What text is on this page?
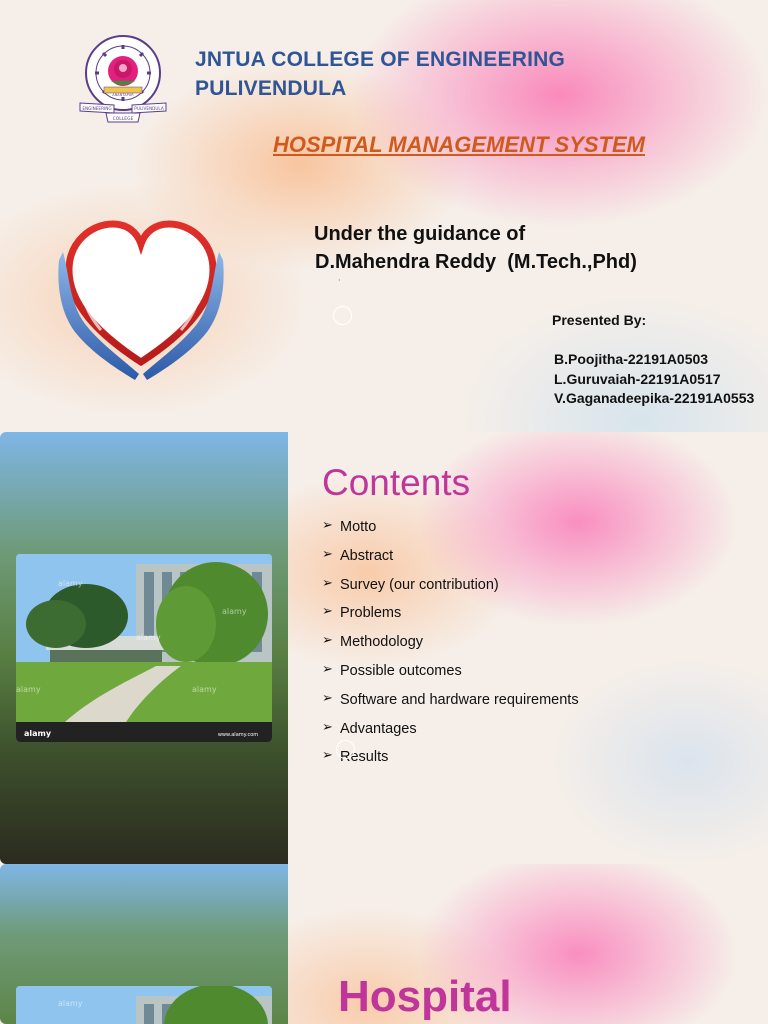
ENGINEERING	PULIVENDULA
COLLEGE
ANANTAPUR
JNTUA COLLEGE OF ENGINEERING
PULIVENDULA
HOSPITAL MANAGEMENT SYSTEM
Under the guidance of
D.Mahendra Reddy  (M.Tech.,Phd)
·
Presented By:
B.Poojitha-22191A0503
L.Guruvaiah-22191A0517
V.Gaganadeepika-22191A0553
alamy	www.alamy.com
alamy
alamy
alamy
alamy
alamy
Contents
➢ Motto
➢ Abstract
➢ Survey (our contribution)
➢ Problems
➢ Methodology
➢ Possible outcomes
➢ Software and hardware requirements
➢ Advantages
➢ Results
alamy	Hospital
